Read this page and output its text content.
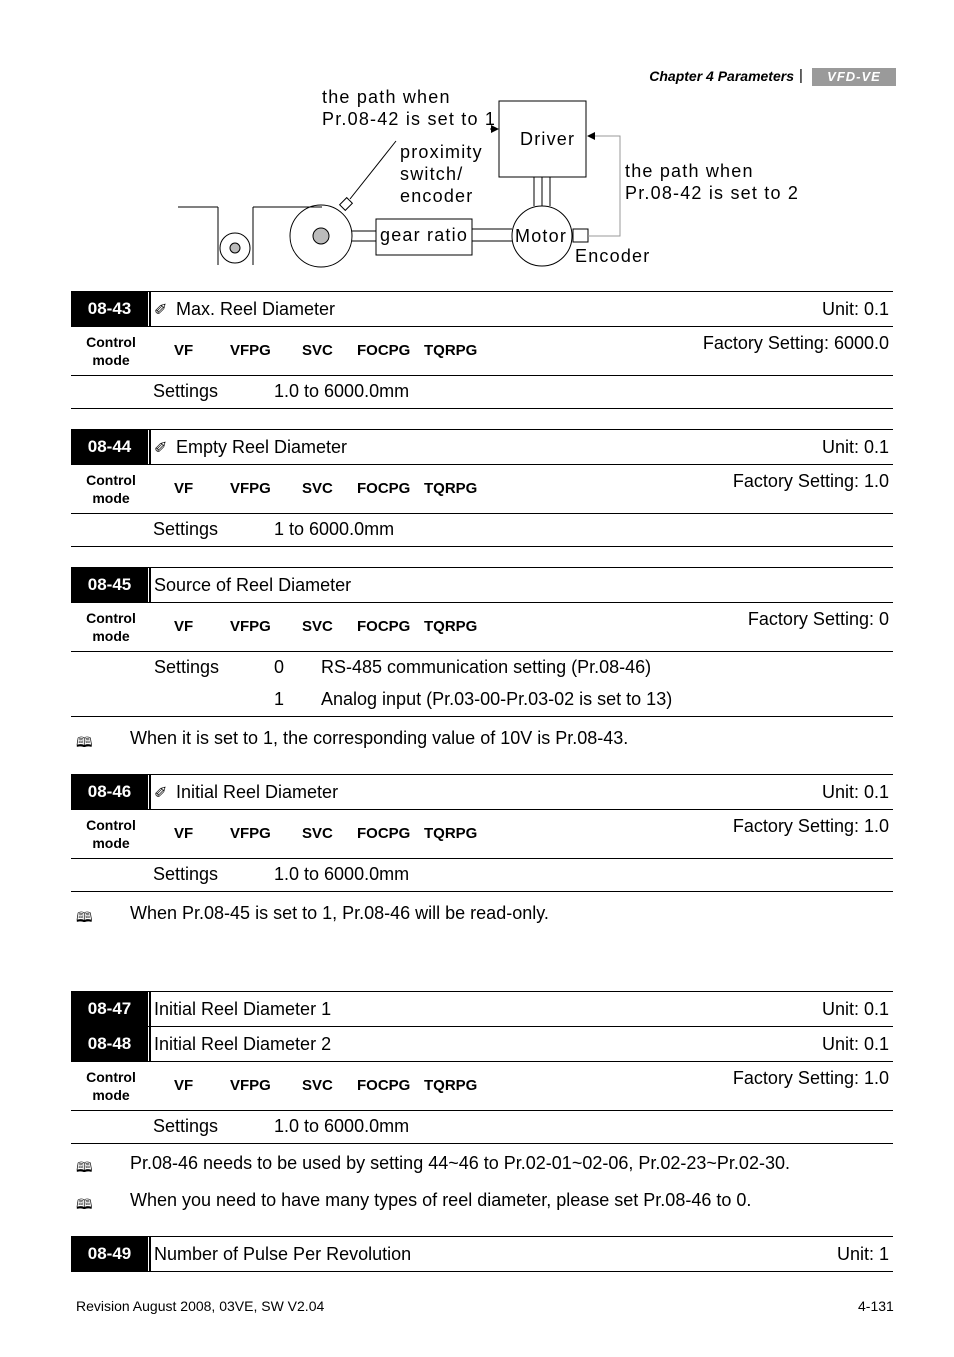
Chapter 4 Parameters |	VFD-VE
the path when
Pr.08-42 is set to 1
Driver
proximity
switch/
encoder
the path when
Pr.08-42 is set to 2
gear ratio	Motor
Encoder
08-43	✐ Max. Reel Diameter	Unit: 0.1
Control
mode
VF VFPG SVC FOCPG TQRPG	Factory Setting: 6000.0
Settings	1.0 to 6000.0mm
08-44	✐ Empty Reel Diameter	Unit: 0.1
Control
mode
VF VFPG SVC FOCPG TQRPG	Factory Setting: 1.0
Settings	1 to 6000.0mm
08-45	Source of Reel Diameter
Control
mode
VF VFPG SVC FOCPG TQRPG	Factory Setting: 0
Settings	0 RS-485 communication setting (Pr.08-46)
1 Analog input (Pr.03-00-Pr.03-02 is set to 13)
🕮 When it is set to 1, the corresponding value of 10V is Pr.08-43.
08-46	✐ Initial Reel Diameter	Unit: 0.1
Control
mode
VF VFPG SVC FOCPG TQRPG	Factory Setting: 1.0
Settings	1.0 to 6000.0mm
🕮 When Pr.08-45 is set to 1, Pr.08-46 will be read-only.
08-47	Initial Reel Diameter 1	Unit: 0.1
08-48	Initial Reel Diameter 2	Unit: 0.1
Control
mode
VF VFPG SVC FOCPG TQRPG	Factory Setting: 1.0
Settings	1.0 to 6000.0mm
🕮 Pr.08-46 needs to be used by setting 44~46 to Pr.02-01~02-06, Pr.02-23~Pr.02-30.
🕮 When you need to have many types of reel diameter, please set Pr.08-46 to 0.
08-49	Number of Pulse Per Revolution	Unit: 1
Revision August 2008, 03VE, SW V2.04	4-131
